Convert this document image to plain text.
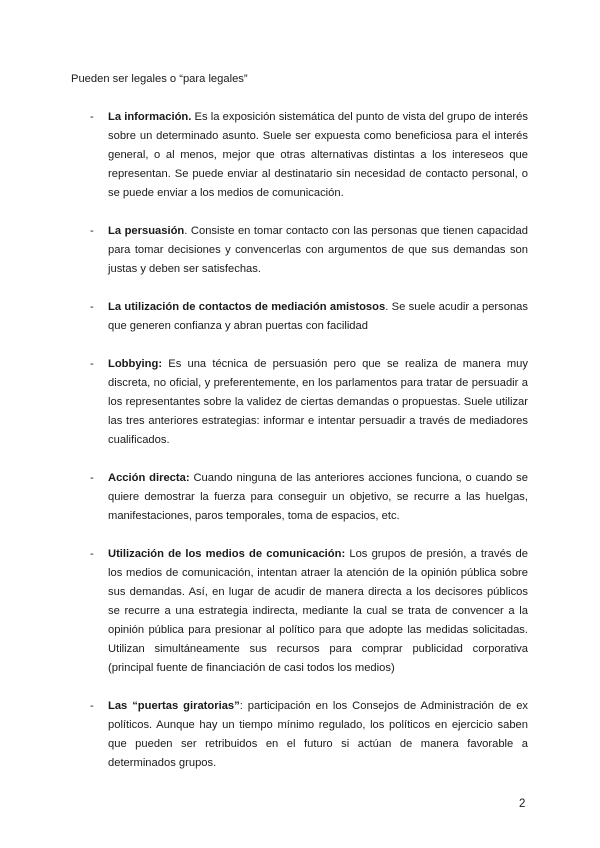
Pueden ser legales o “para legales”
- La información. Es la exposición sistemática del punto de vista del grupo de interés sobre un determinado asunto. Suele ser expuesta como beneficiosa para el interés general, o al menos, mejor que otras alternativas distintas a los intereseos que representan. Se puede enviar al destinatario sin necesidad de contacto personal, o se puede enviar a los medios de comunicación.
- La persuasión. Consiste en tomar contacto con las personas que tienen capacidad para tomar decisiones y convencerlas con argumentos de que sus demandas son justas y deben ser satisfechas.
- La utilización de contactos de mediación amistosos. Se suele acudir a personas que generen confianza y abran puertas con facilidad
- Lobbying: Es una técnica de persuasión pero que se realiza de manera muy discreta, no oficial, y preferentemente, en los parlamentos para tratar de persuadir a los representantes sobre la validez de ciertas demandas o propuestas. Suele utilizar las tres anteriores estrategias: informar e intentar persuadir a través de mediadores cualificados.
- Acción directa: Cuando ninguna de las anteriores acciones funciona, o cuando se quiere demostrar la fuerza para conseguir un objetivo, se recurre a las huelgas, manifestaciones, paros temporales, toma de espacios, etc.
- Utilización de los medios de comunicación: Los grupos de presión, a través de los medios de comunicación, intentan atraer la atención de la opinión pública sobre sus demandas. Así, en lugar de acudir de manera directa a los decisores públicos se recurre a una estrategia indirecta, mediante la cual se trata de convencer a la opinión pública para presionar al político para que adopte las medidas solicitadas. Utilizan simultáneamente sus recursos para comprar publicidad corporativa (principal fuente de financiación de casi todos los medios)
- Las “puertas giratorias”: participación en los Consejos de Administración de ex políticos. Aunque hay un tiempo mínimo regulado, los políticos en ejercicio saben que pueden ser retribuidos en el futuro si actúan de manera favorable a determinados grupos.
2
